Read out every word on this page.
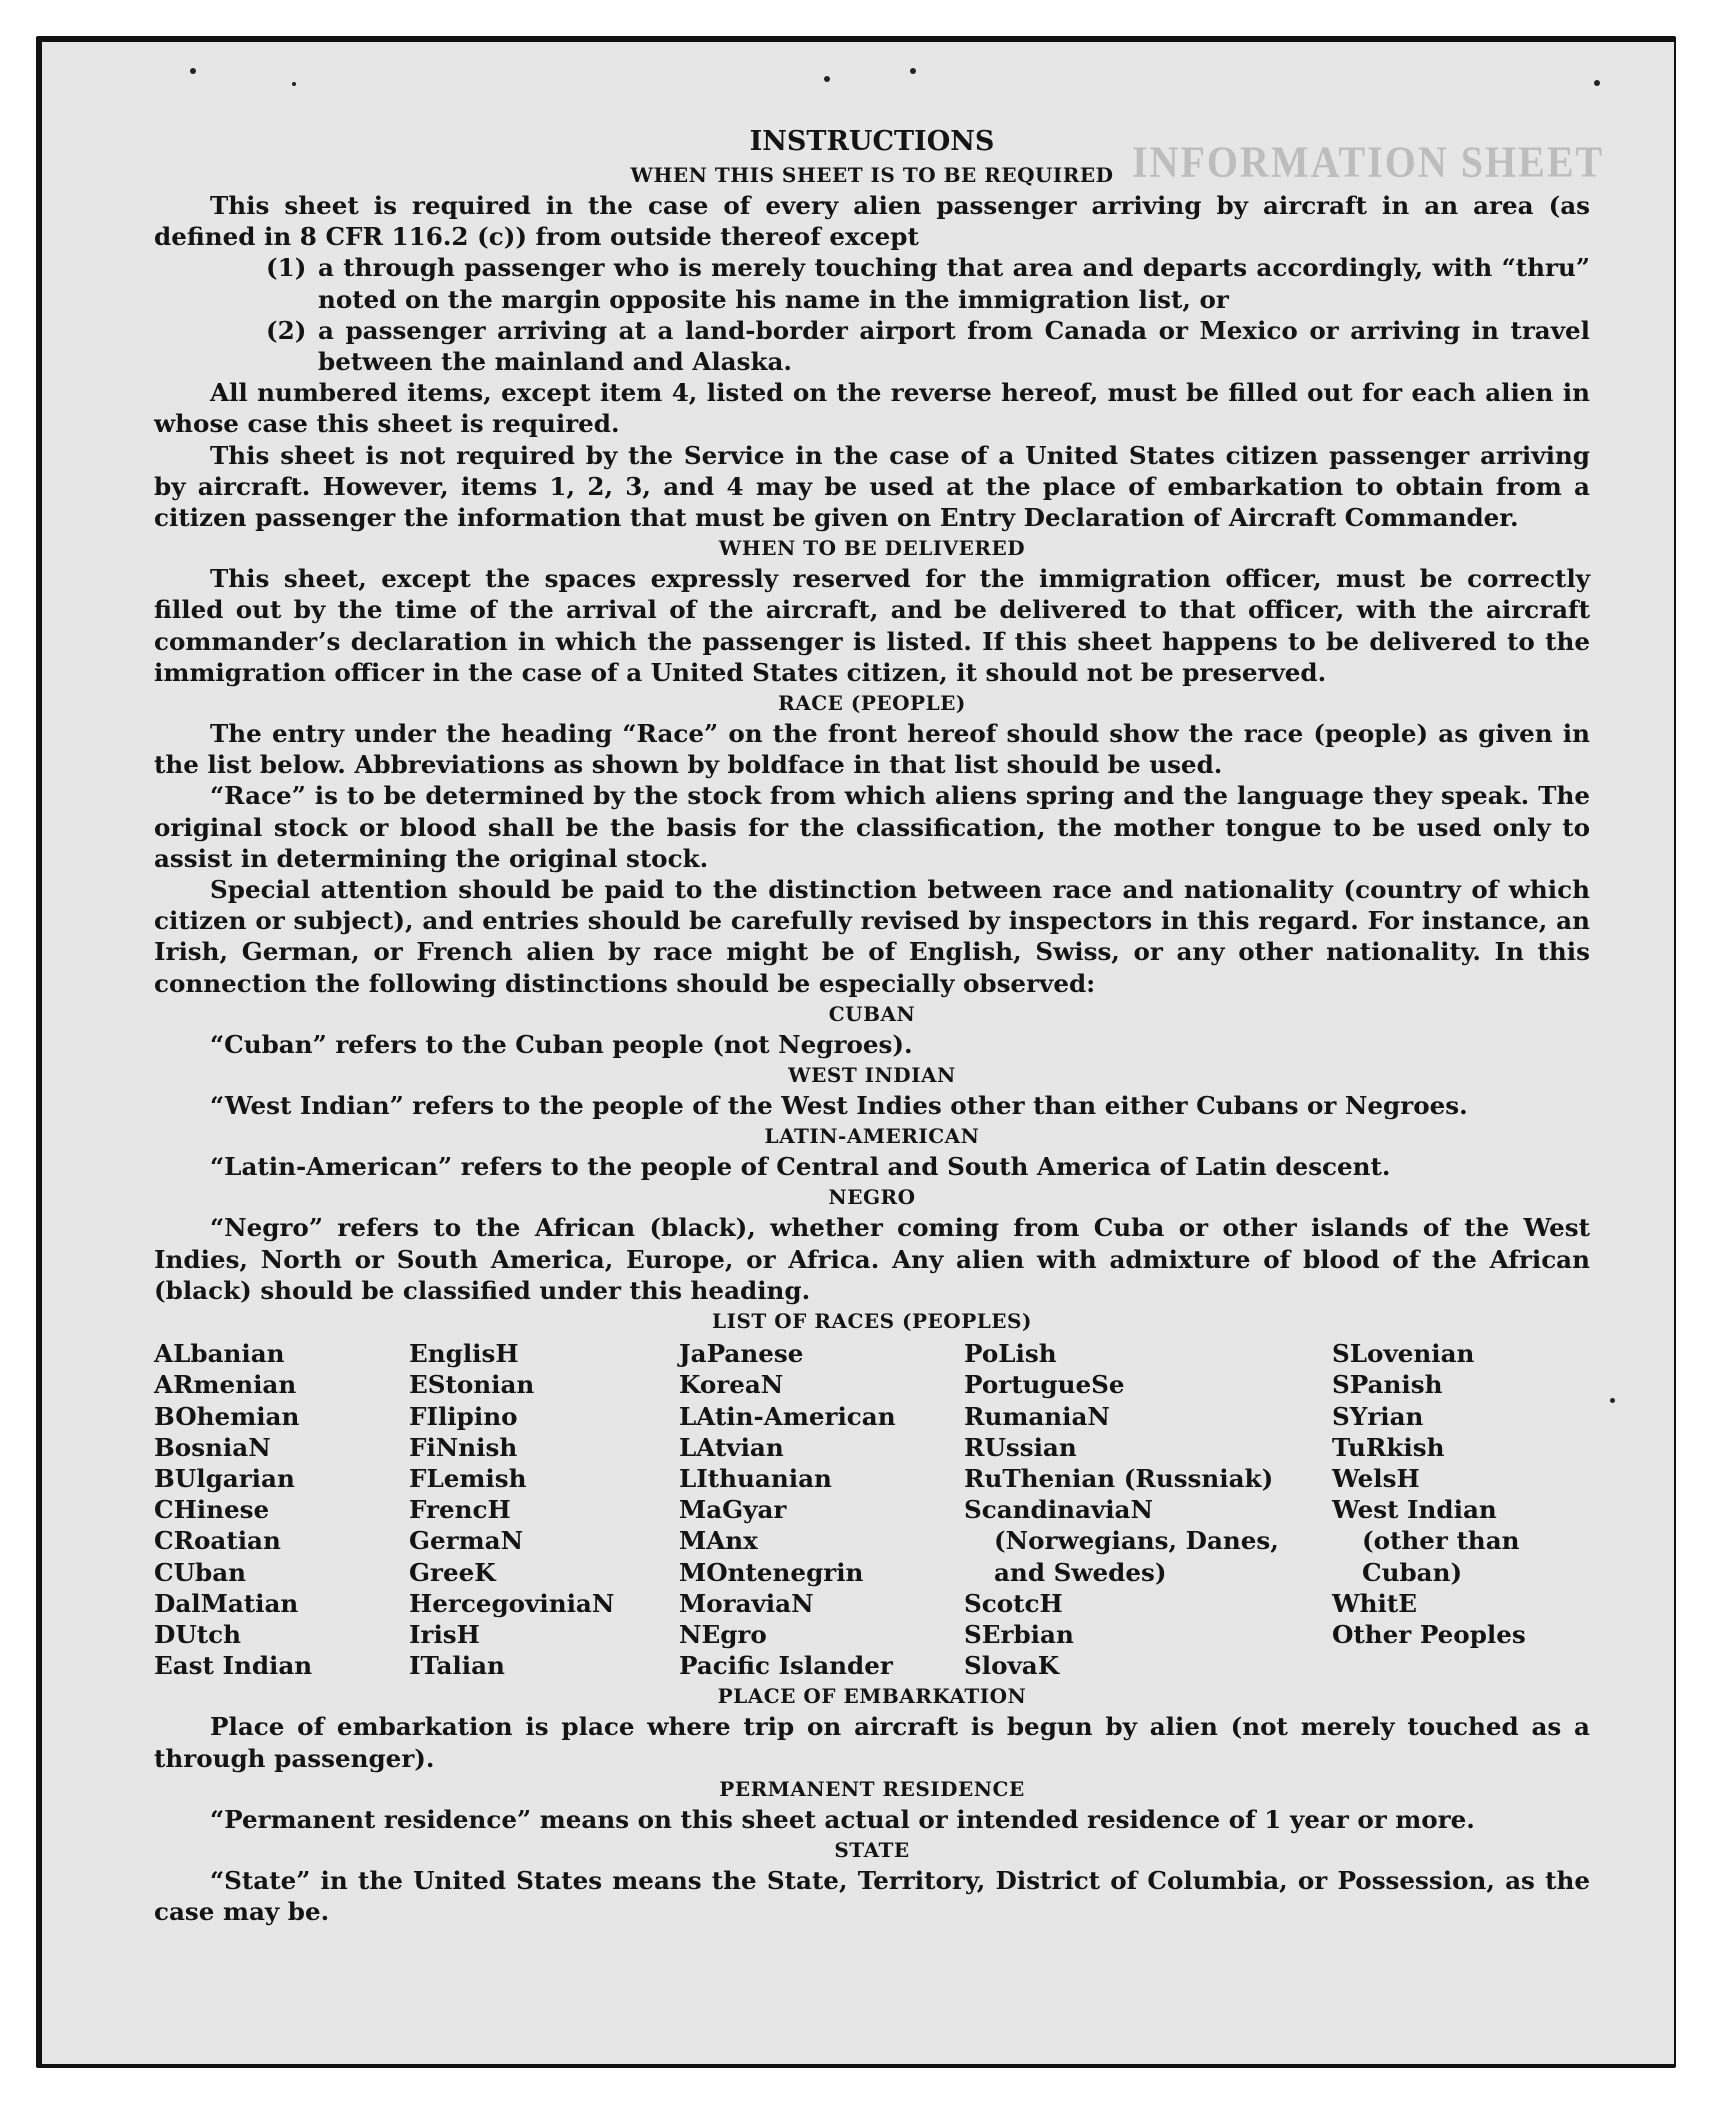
INFORMATION SHEET
INSTRUCTIONS
WHEN THIS SHEET IS TO BE REQUIRED

This sheet is required in the case of every alien passenger arriving by aircraft in an area (as defined in 8 CFR 116.2 (c)) from outside thereof except

(1) a through passenger who is merely touching that area and departs accordingly, with “thru” noted on the margin opposite his name in the immigration list, or
(2) a passenger arriving at a land-border airport from Canada or Mexico or arriving in travel between the mainland and Alaska.

All numbered items, except item 4, listed on the reverse hereof, must be filled out for each alien in whose case this sheet is required.

This sheet is not required by the Service in the case of a United States citizen passenger arriving by aircraft. However, items 1, 2, 3, and 4 may be used at the place of embarkation to obtain from a citizen passenger the information that must be given on Entry Declaration of Aircraft Commander.

WHEN TO BE DELIVERED

This sheet, except the spaces expressly reserved for the immigration officer, must be correctly filled out by the time of the arrival of the aircraft, and be delivered to that officer, with the aircraft commander’s declaration in which the passenger is listed. If this sheet happens to be delivered to the immigration officer in the case of a United States citizen, it should not be preserved.

RACE (PEOPLE)

The entry under the heading “Race” on the front hereof should show the race (people) as given in the list below. Abbreviations as shown by boldface in that list should be used.

“Race” is to be determined by the stock from which aliens spring and the language they speak. The original stock or blood shall be the basis for the classification, the mother tongue to be used only to assist in determining the original stock.

Special attention should be paid to the distinction between race and nationality (country of which citizen or subject), and entries should be carefully revised by inspectors in this regard. For instance, an Irish, German, or French alien by race might be of English, Swiss, or any other nationality. In this connection the following distinctions should be especially observed:

CUBAN

“Cuban” refers to the Cuban people (not Negroes).

WEST INDIAN

“West Indian” refers to the people of the West Indies other than either Cubans or Negroes.

LATIN-AMERICAN

“Latin-American” refers to the people of Central and South America of Latin descent.

NEGRO

“Negro” refers to the African (black), whether coming from Cuba or other islands of the West Indies, North or South America, Europe, or Africa. Any alien with admixture of blood of the African (black) should be classified under this heading.

LIST OF RACES (PEOPLES)
ALbanian
ARmenian
BOhemian
BosniaN
BUlgarian
CHinese
CRoatian
CUban
DalMatian
DUtch
East Indian
EnglisH
EStonian
FIlipino
FiNnish
FLemish
FrencH
GermaN
GreeK
HercegoviniaN
IrisH
ITalian
JaPanese
KoreaN
LAtin-American
LAtvian
LIthuanian
MaGyar
MAnx
MOntenegrin
MoraviaN
NEgro
Pacific Islander
PoLish
PortugueSe
RumaniaN
RUssian
RuThenian (Russniak)
ScandinaviaN (Norwegians, Danes, and Swedes)
ScotcH
SErbian
SlovaK
SLovenian
SPanish
SYrian
TuRkish
WelsH
West Indian (other than Cuban)
WhitE
Other Peoples
PLACE OF EMBARKATION

Place of embarkation is place where trip on aircraft is begun by alien (not merely touched as a through passenger).

PERMANENT RESIDENCE

“Permanent residence” means on this sheet actual or intended residence of 1 year or more.

STATE

“State” in the United States means the State, Territory, District of Columbia, or Possession, as the case may be.
